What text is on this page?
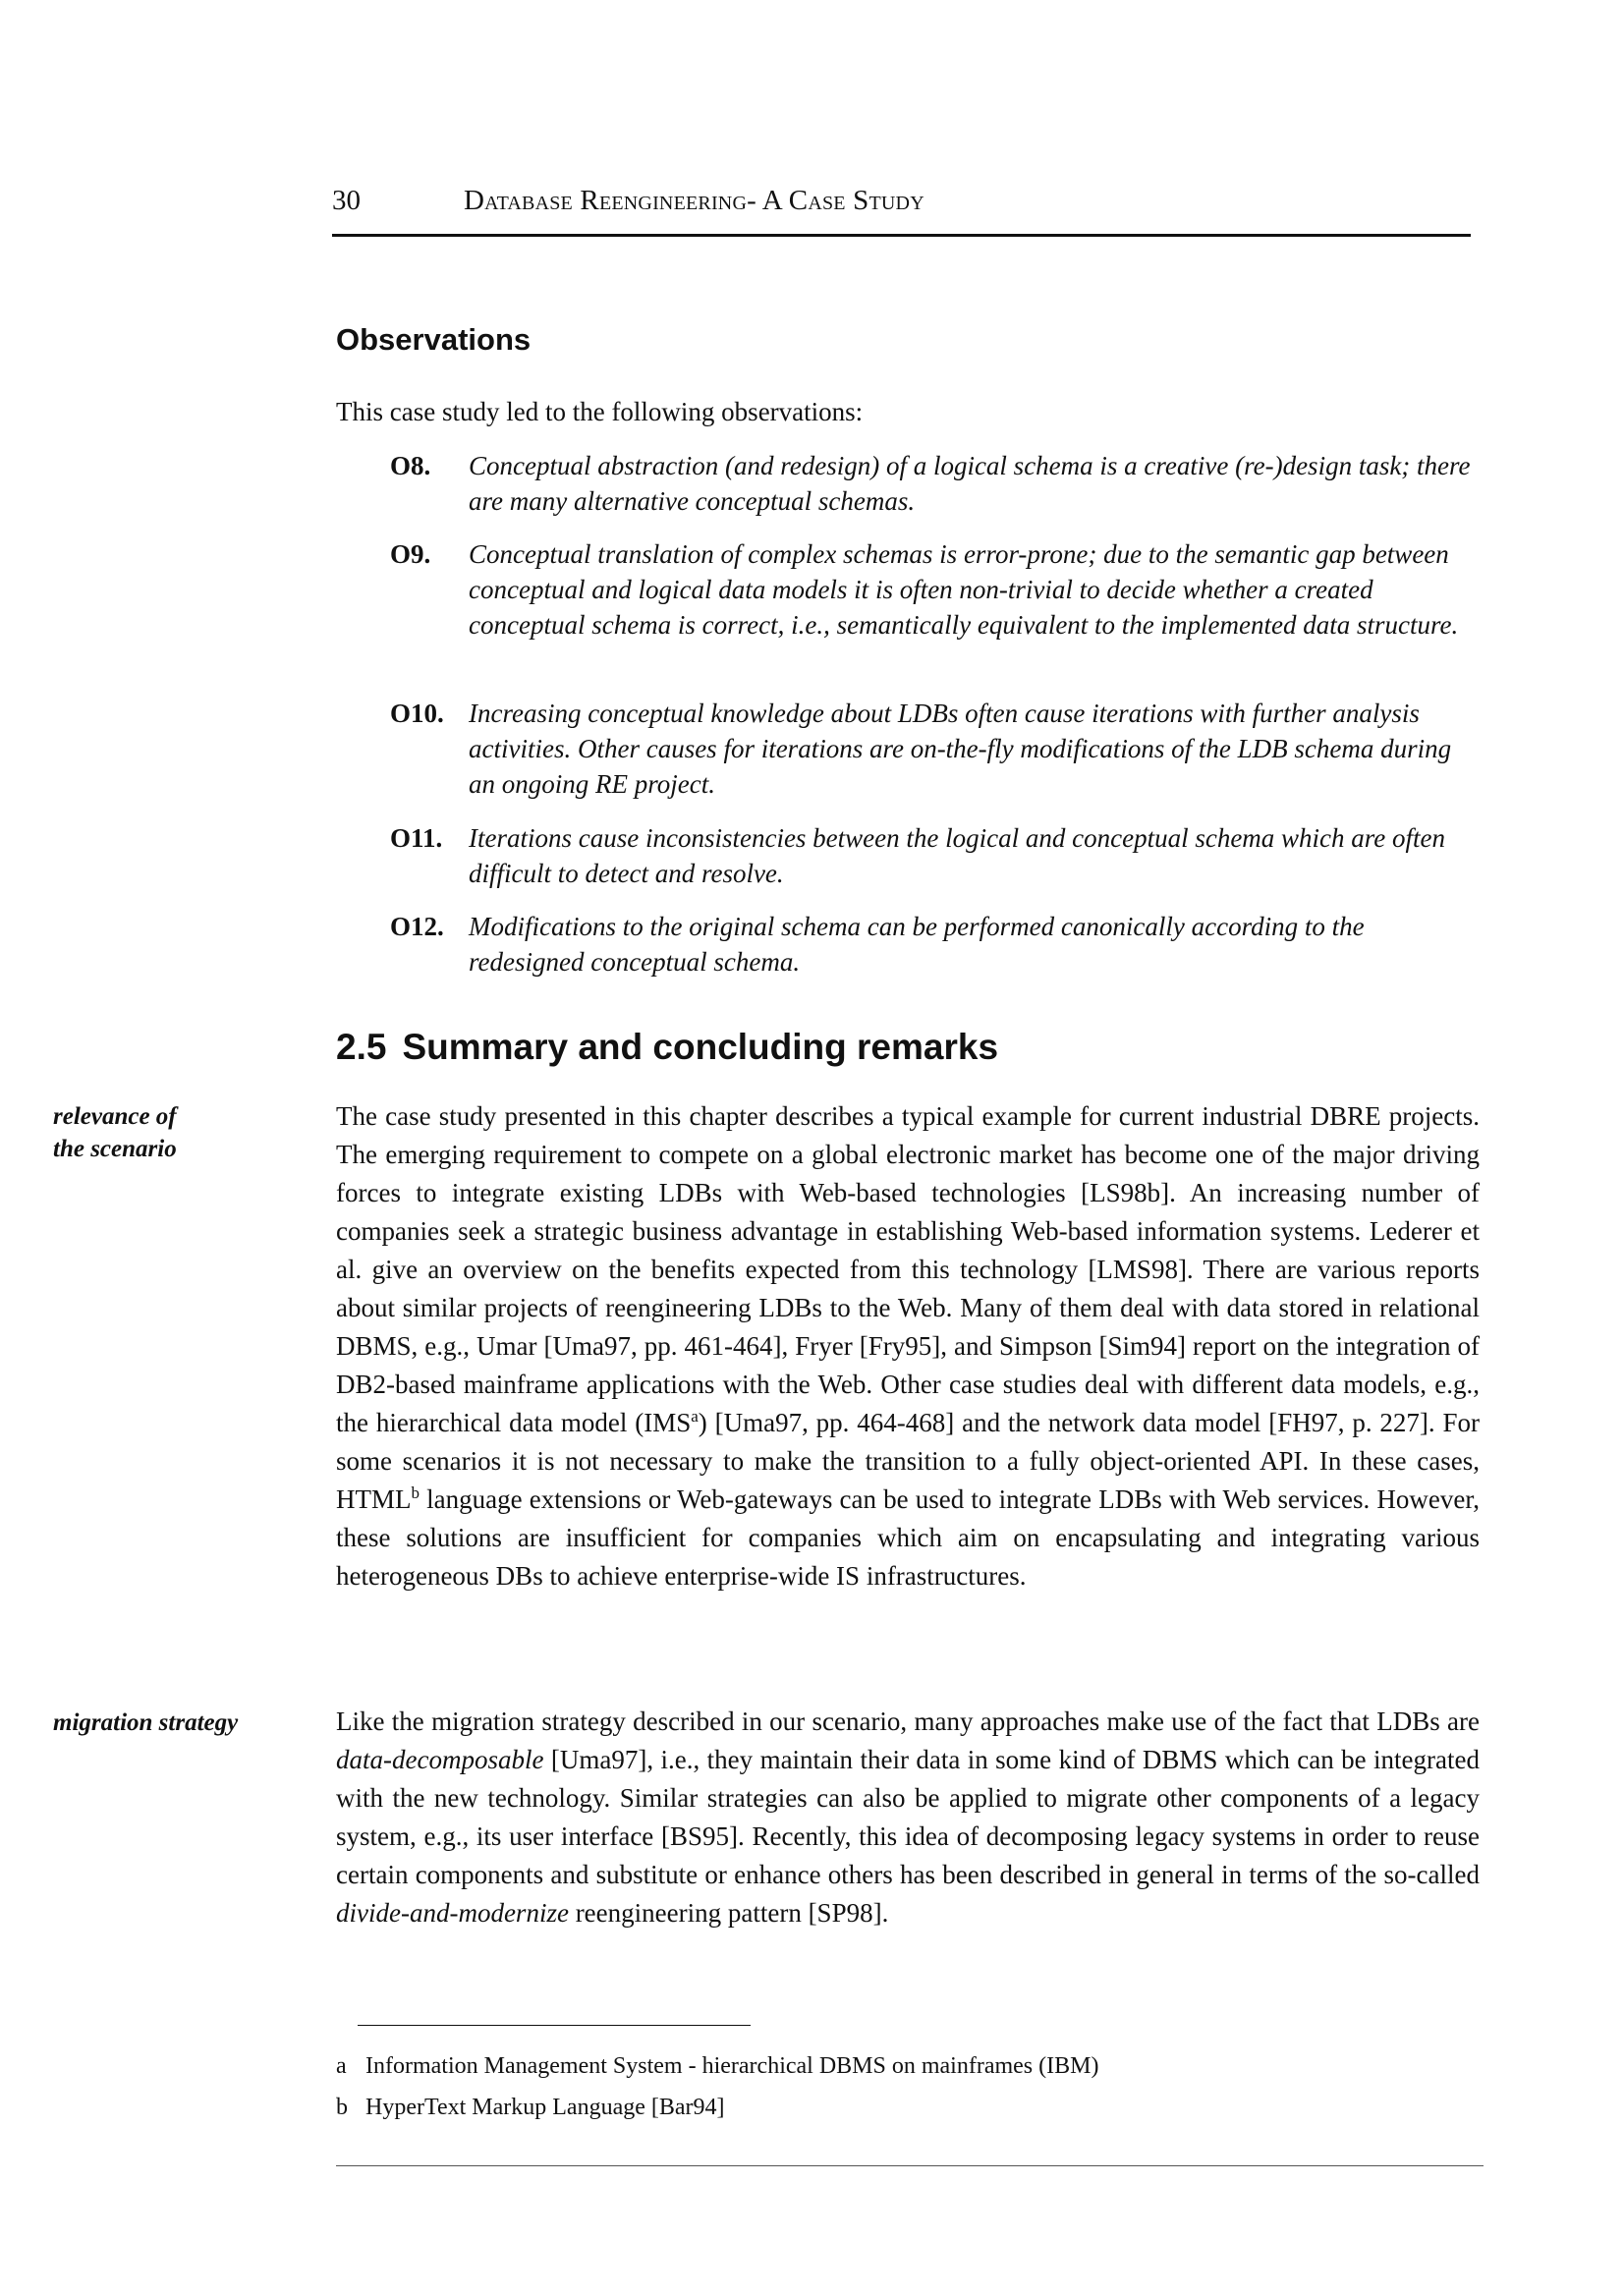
30	Database Reengineering- A Case Study
Observations
This case study led to the following observations:
O8. Conceptual abstraction (and redesign) of a logical schema is a creative (re-)design task; there are many alternative conceptual schemas.
O9. Conceptual translation of complex schemas is error-prone; due to the semantic gap between conceptual and logical data models it is often non-trivial to decide whether a created conceptual schema is correct, i.e., semantically equivalent to the implemented data structure.
O10. Increasing conceptual knowledge about LDBs often cause iterations with further analysis activities. Other causes for iterations are on-the-fly modifications of the LDB schema during an ongoing RE project.
O11. Iterations cause inconsistencies between the logical and conceptual schema which are often difficult to detect and resolve.
O12. Modifications to the original schema can be performed canonically according to the redesigned conceptual schema.
2.5 Summary and concluding remarks
relevance of
the scenario
The case study presented in this chapter describes a typical example for current industrial DBRE projects. The emerging requirement to compete on a global electronic market has become one of the major driving forces to integrate existing LDBs with Web-based technologies [LS98b]. An increasing number of companies seek a strategic business advantage in establishing Web-based information systems. Lederer et al. give an overview on the benefits expected from this technology [LMS98]. There are various reports about similar projects of reengineering LDBs to the Web. Many of them deal with data stored in relational DBMS, e.g., Umar [Uma97, pp. 461-464], Fryer [Fry95], and Simpson [Sim94] report on the integration of DB2-based mainframe applications with the Web. Other case studies deal with different data models, e.g., the hierarchical data model (IMS$^a$) [Uma97, pp. 464-468] and the network data model [FH97, p. 227]. For some scenarios it is not necessary to make the transition to a fully object-oriented API. In these cases, HTML$^b$ language extensions or Web-gateways can be used to integrate LDBs with Web services. However, these solutions are insufficient for companies which aim on encapsulating and integrating various heterogeneous DBs to achieve enterprise-wide IS infrastructures.
migration strategy	Like the migration strategy described in our scenario, many approaches make use of the fact that LDBs are data-decomposable [Uma97], i.e., they maintain their data in some kind of DBMS which can be integrated with the new technology. Similar strategies can also be applied to migrate other components of a legacy system, e.g., its user interface [BS95]. Recently, this idea of decomposing legacy systems in order to reuse certain components and substitute or enhance others has been described in general in terms of the so-called divide-and-modernize reengineering pattern [SP98].
a Information Management System - hierarchical DBMS on mainframes (IBM)
b HyperText Markup Language [Bar94]
